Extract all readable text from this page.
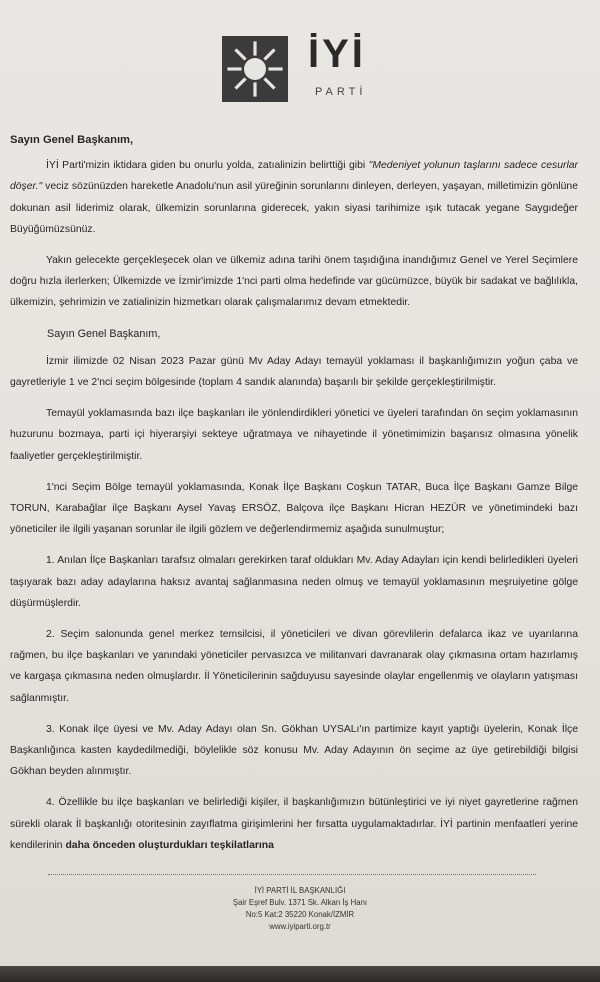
İYİ
PARTİ

Sayın Genel Başkanım,

İYİ Parti'mizin iktidara giden bu onurlu yolda, zatıalinizin belirttiği gibi "Medeniyet yolunun taşlarını sadece cesurlar döşer." veciz sözünüzden hareketle Anadolu'nun asil yüreğinin sorunlarını dinleyen, derleyen, yaşayan, milletimizin gönlüne dokunan asil liderimiz olarak, ülkemizin sorunlarına giderecek, yakın siyasi tarihimize ışık tutacak yegane Saygıdeğer Büyüğümüzsünüz.

Yakın gelecekte gerçekleşecek olan ve ülkemiz adına tarihi önem taşıdığına inandığımız Genel ve Yerel Seçimlere doğru hızla ilerlerken; Ülkemizde ve İzmir'imizde 1'nci parti olma hedefinde var gücümüzce, büyük bir sadakat ve bağlılıkla, ülkemizin, şehrimizin ve zatialinizin hizmetkarı olarak çalışmalarımız devam etmektedir.

Sayın Genel Başkanım,

İzmir ilimizde 02 Nisan 2023 Pazar günü Mv Aday Adayı temayül yoklaması il başkanlığımızın yoğun çaba ve gayretleriyle 1 ve 2'nci seçim bölgesinde (toplam 4 sandık alanında) başarılı bir şekilde gerçekleştirilmiştir.

Temayül yoklamasında bazı ilçe başkanları ile yönlendirdikleri yönetici ve üyeleri tarafından ön seçim yoklamasının huzurunu bozmaya, parti içi hiyerarşiyi sekteye uğratmaya ve nihayetinde il yönetimimizin başarısız olmasına yönelik faaliyetler gerçekleştirilmiştir.

1'nci Seçim Bölge temayül yoklamasında, Konak İlçe Başkanı Coşkun TATAR, Buca İlçe Başkanı Gamze Bilge TORUN, Karabağlar ilçe Başkanı Aysel Yavaş ERSÖZ, Balçova ilçe Başkanı Hicran HEZÜR ve yönetimindeki bazı yöneticiler ile ilgili yaşanan sorunlar ile ilgili gözlem ve değerlendirmemiz aşağıda sunulmuştur;

1. Anılan İlçe Başkanları tarafsız olmaları gerekirken taraf oldukları Mv. Aday Adayları için kendi belirledikleri üyeleri taşıyarak bazı aday adaylarına haksız avantaj sağlanmasına neden olmuş ve temayül yoklamasının meşruiyetine gölge düşürmüşlerdir.

2. Seçim salonunda genel merkez temsilcisi, il yöneticileri ve divan görevlilerin defalarca ikaz ve uyarılarına rağmen, bu ilçe başkanları ve yanındaki yöneticiler pervasızca ve militanvari davranarak olay çıkmasına ortam hazırlamış ve kargaşa çıkmasına neden olmuşlardır. İl Yöneticilerinin sağduyusu sayesinde olaylar engellenmiş ve olayların yatışması sağlanmıştır.

3. Konak ilçe üyesi ve Mv. Aday Adayı olan Sn. Gökhan UYSALı'ın partimize kayıt yaptığı üyelerin, Konak İlçe Başkanlığınca kasten kaydedilmediği, böylelikle söz konusu Mv. Aday Adayının ön seçime az üye getirebildiği bilgisi Gökhan beyden alınmıştır.

4. Özellikle bu ilçe başkanları ve belirlediği kişiler, il başkanlığımızın bütünleştirici ve iyi niyet gayretlerine rağmen sürekli olarak İl başkanlığı otoritesinin zayıflatma girişimlerini her fırsatta uygulamaktadırlar. İYİ partinin menfaatleri yerine kendilerinin daha önceden oluşturdukları teşkilatlarına

İYİ PARTİ İL BAŞKANLIĞI
Şair Eşref Bulv. 1371 Sk. Alkan İş Hanı
No:5 Kat:2 35220 Konak/İZMİR
www.iyiparti.org.tr
